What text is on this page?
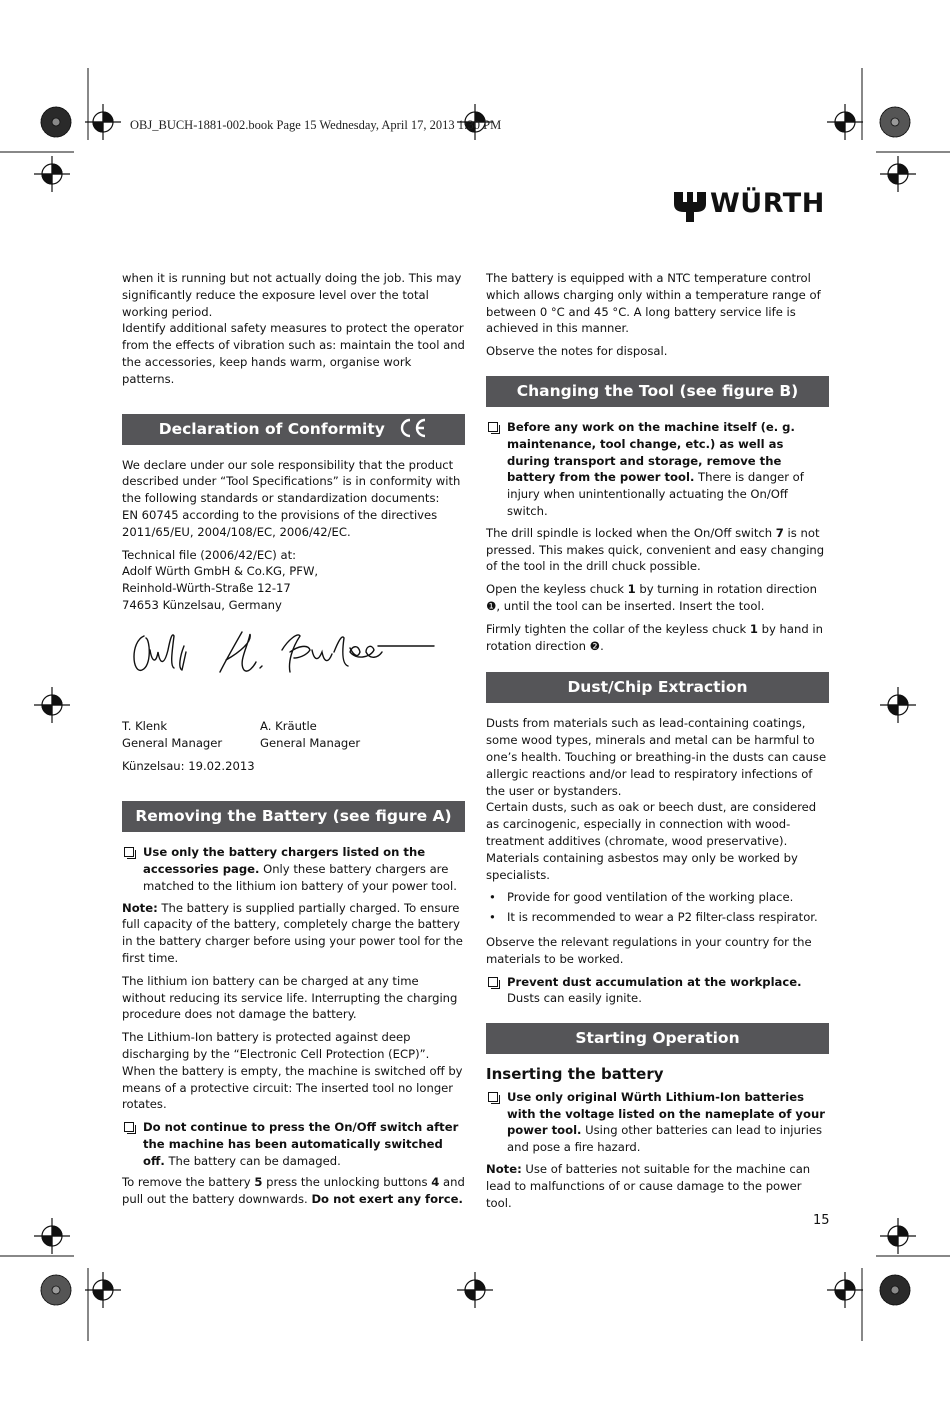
OBJ_BUCH-1881-002.book Page 15 Wednesday, April 17, 2013 1:30 PM
WÜRTH

when it is running but not actually doing the job. This may significantly reduce the exposure level over the total working period.

Identify additional safety measures to protect the operator from the effects of vibration such as: maintain the tool and the accessories, keep hands warm, organise work patterns.

Declaration of Conformity

We declare under our sole responsibility that the product described under “Tool Specifications” is in conformity with the following standards or standardization documents:

EN 60745 according to the provisions of the directives 2011/65/EU, 2004/108/EC, 2006/42/EC.

Technical file (2006/42/EC) at:
Adolf Würth GmbH & Co.KG, PFW,
Reinhold-Würth-Straße 12-17
74653 Künzelsau, Germany
T. Klenk	A. Kräutle
General Manager	General Manager

Künzelsau: 19.02.2013

Removing the Battery (see figure A)
Use only the battery chargers listed on the accessories page. Only these battery chargers are matched to the lithium ion battery of your power tool.

Note: The battery is supplied partially charged. To ensure full capacity of the battery, completely charge the battery in the battery charger before using your power tool for the first time.

The lithium ion battery can be charged at any time without reducing its service life. Interrupting the charging procedure does not damage the battery.

The Lithium-Ion battery is protected against deep discharging by the “Electronic Cell Protection (ECP)”. When the battery is empty, the machine is switched off by means of a protective circuit: The inserted tool no longer rotates.

Do not continue to press the On/Off switch after the machine has been automatically switched off. The battery can be damaged.

To remove the battery 5 press the unlocking buttons 4 and pull out the battery downwards. Do not exert any force.

The battery is equipped with a NTC temperature control which allows charging only within a temperature range of between 0 °C and 45 °C. A long battery service life is achieved in this manner.

Observe the notes for disposal.

Changing the Tool (see figure B)
Before any work on the machine itself (e. g. maintenance, tool change, etc.) as well as during transport and storage, remove the battery from the power tool. There is danger of injury when unintentionally actuating the On/Off switch.

The drill spindle is locked when the On/Off switch 7 is not pressed. This makes quick, convenient and easy changing of the tool in the drill chuck possible.

Open the keyless chuck 1 by turning in rotation direction ❶, until the tool can be inserted. Insert the tool.

Firmly tighten the collar of the keyless chuck 1 by hand in rotation direction ❷.

Dust/Chip Extraction

Dusts from materials such as lead-containing coatings, some wood types, minerals and metal can be harmful to one’s health. Touching or breathing-in the dusts can cause allergic reactions and/or lead to respiratory infections of the user or bystanders.

Certain dusts, such as oak or beech dust, are considered as carcinogenic, especially in connection with wood-treatment additives (chromate, wood preservative). Materials containing asbestos may only be worked by specialists.

• Provide for good ventilation of the working place.
• It is recommended to wear a P2 filter-class respirator.

Observe the relevant regulations in your country for the materials to be worked.

Prevent dust accumulation at the workplace.
Dusts can easily ignite.
Starting Operation
Inserting the battery
Use only original Würth Lithium-Ion batteries with the voltage listed on the nameplate of your power tool. Using other batteries can lead to injuries and pose a fire hazard.

Note: Use of batteries not suitable for the machine can lead to malfunctions of or cause damage to the power tool.

15
